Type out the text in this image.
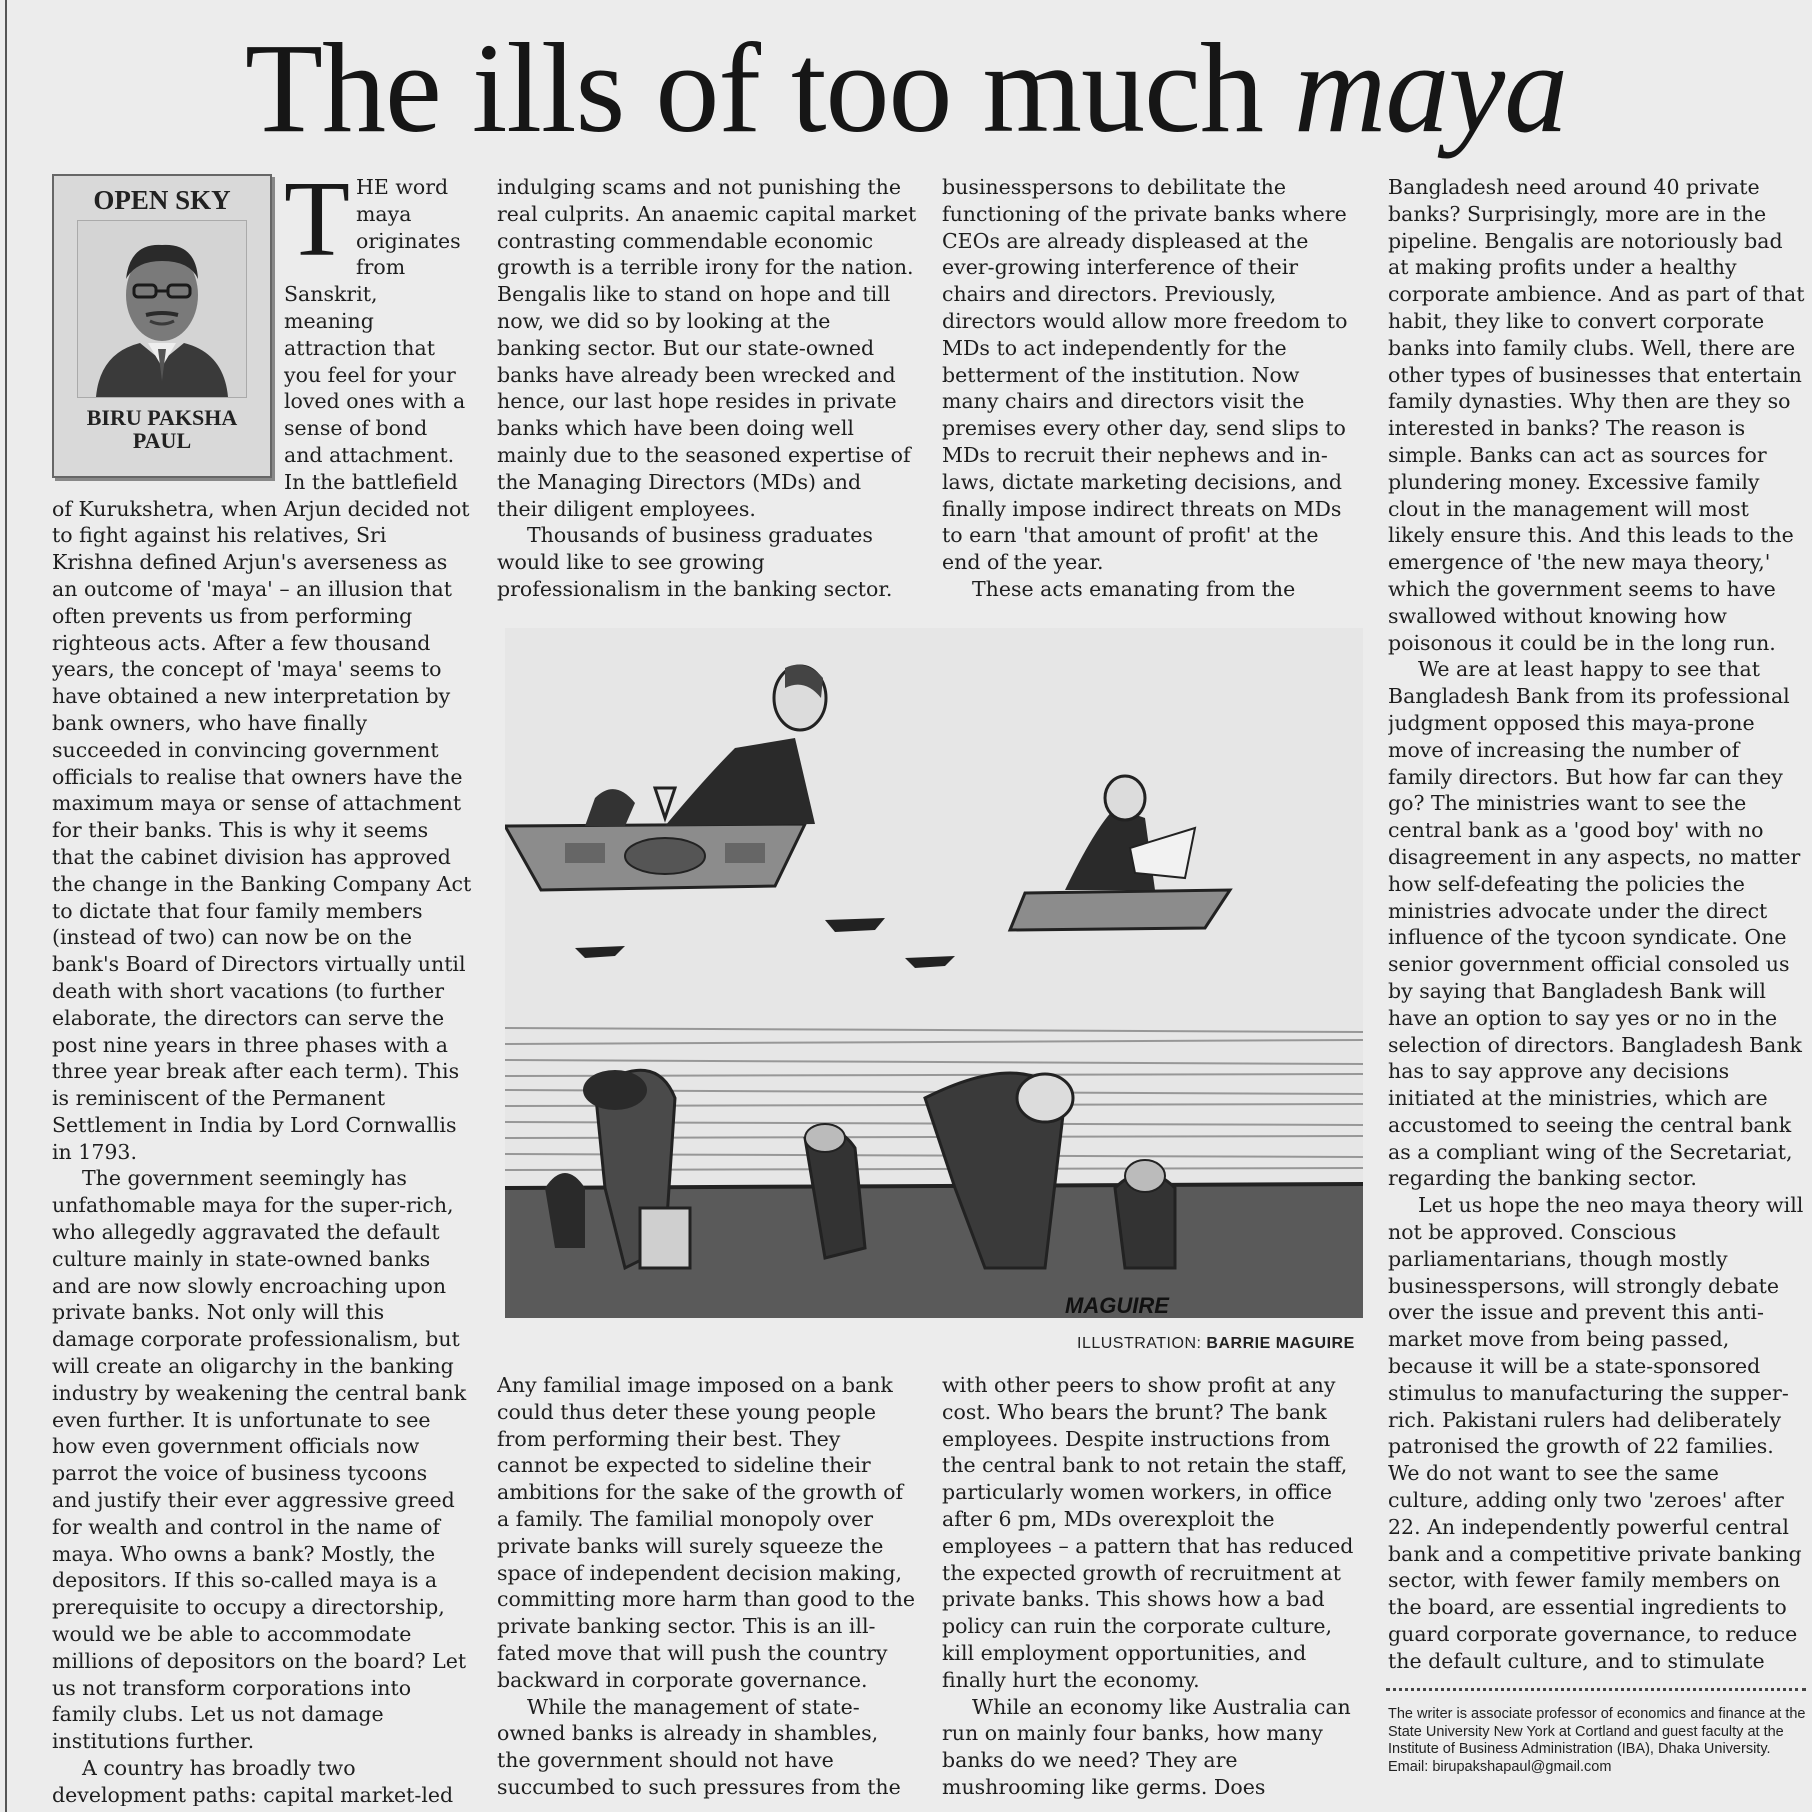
The ills of too much maya
OPEN SKY
BIRU PAKSHA
PAUL
T HE word maya originates from Sanskrit, meaning attraction that you feel for your loved ones with a sense of bond and attachment. In the battlefield of Kurukshetra, when Arjun decided not to fight against his relatives, Sri Krishna defined Arjun's averseness as an outcome of 'maya' – an illusion that often prevents us from performing righteous acts. After a few thousand years, the concept of 'maya' seems to have obtained a new interpretation by bank owners, who have finally succeeded in convincing government officials to realise that owners have the maximum maya or sense of attachment for their banks. This is why it seems that the cabinet division has approved the change in the Banking Company Act to dictate that four family members (instead of two) can now be on the bank's Board of Directors virtually until death with short vacations (to further elaborate, the directors can serve the post nine years in three phases with a three year break after each term). This is reminiscent of the Permanent Settlement in India by Lord Cornwallis in 1793.

The government seemingly has unfathomable maya for the super-rich, who allegedly aggravated the default culture mainly in state-owned banks and are now slowly encroaching upon private banks. Not only will this damage corporate professionalism, but will create an oligarchy in the banking industry by weakening the central bank even further. It is unfortunate to see how even government officials now parrot the voice of business tycoons and justify their ever aggressive greed for wealth and control in the name of maya. Who owns a bank? Mostly, the depositors. If this so-called maya is a prerequisite to occupy a directorship, would we be able to accommodate millions of depositors on the board? Let us not transform corporations into family clubs. Let us not damage institutions further.

A country has broadly two development paths: capital market-led

indulging scams and not punishing the real culprits. An anaemic capital market contrasting commendable economic growth is a terrible irony for the nation. Bengalis like to stand on hope and till now, we did so by looking at the banking sector. But our state-owned banks have already been wrecked and hence, our last hope resides in private banks which have been doing well mainly due to the seasoned expertise of the Managing Directors (MDs) and their diligent employees.

Thousands of business graduates would like to see growing professionalism in the banking sector.

businesspersons to debilitate the functioning of the private banks where CEOs are already displeased at the ever-growing interference of their chairs and directors. Previously, directors would allow more freedom to MDs to act independently for the betterment of the institution. Now many chairs and directors visit the premises every other day, send slips to MDs to recruit their nephews and in-laws, dictate marketing decisions, and finally impose indirect threats on MDs to earn 'that amount of profit' at the end of the year.

These acts emanating from the

Bangladesh need around 40 private banks? Surprisingly, more are in the pipeline. Bengalis are notoriously bad at making profits under a healthy corporate ambience. And as part of that habit, they like to convert corporate banks into family clubs. Well, there are other types of businesses that entertain family dynasties. Why then are they so interested in banks? The reason is simple. Banks can act as sources for plundering money. Excessive family clout in the management will most likely ensure this. And this leads to the emergence of 'the new maya theory,' which the government seems to have swallowed without knowing how poisonous it could be in the long run.

We are at least happy to see that Bangladesh Bank from its professional judgment opposed this maya-prone move of increasing the number of family directors. But how far can they go? The ministries want to see the central bank as a 'good boy' with no disagreement in any aspects, no matter how self-defeating the policies the ministries advocate under the direct influence of the tycoon syndicate. One senior government official consoled us by saying that Bangladesh Bank will have an option to say yes or no in the selection of directors. Bangladesh Bank has to say approve any decisions initiated at the ministries, which are accustomed to seeing the central bank as a compliant wing of the Secretariat, regarding the banking sector.

Let us hope the neo maya theory will not be approved. Conscious parliamentarians, though mostly businesspersons, will strongly debate over the issue and prevent this anti-market move from being passed, because it will be a state-sponsored stimulus to manufacturing the supper-rich. Pakistani rulers had deliberately patronised the growth of 22 families. We do not want to see the same culture, adding only two 'zeroes' after 22. An independently powerful central bank and a competitive private banking sector, with fewer family members on the board, are essential ingredients to guard corporate governance, to reduce the default culture, and to stimulate

MAGUIRE
ILLUSTRATION: BARRIE MAGUIRE

Any familial image imposed on a bank could thus deter these young people from performing their best. They cannot be expected to sideline their ambitions for the sake of the growth of a family. The familial monopoly over private banks will surely squeeze the space of independent decision making, committing more harm than good to the private banking sector. This is an ill-fated move that will push the country backward in corporate governance.

While the management of state-owned banks is already in shambles, the government should not have succumbed to such pressures from the

with other peers to show profit at any cost. Who bears the brunt? The bank employees. Despite instructions from the central bank to not retain the staff, particularly women workers, in office after 6 pm, MDs overexploit the employees – a pattern that has reduced the expected growth of recruitment at private banks. This shows how a bad policy can ruin the corporate culture, kill employment opportunities, and finally hurt the economy.

While an economy like Australia can run on mainly four banks, how many banks do we need? They are mushrooming like germs. Does

The writer is associate professor of economics and finance at the State University New York at Cortland and guest faculty at the Institute of Business Administration (IBA), Dhaka University.
Email: birupakshapaul@gmail.com
